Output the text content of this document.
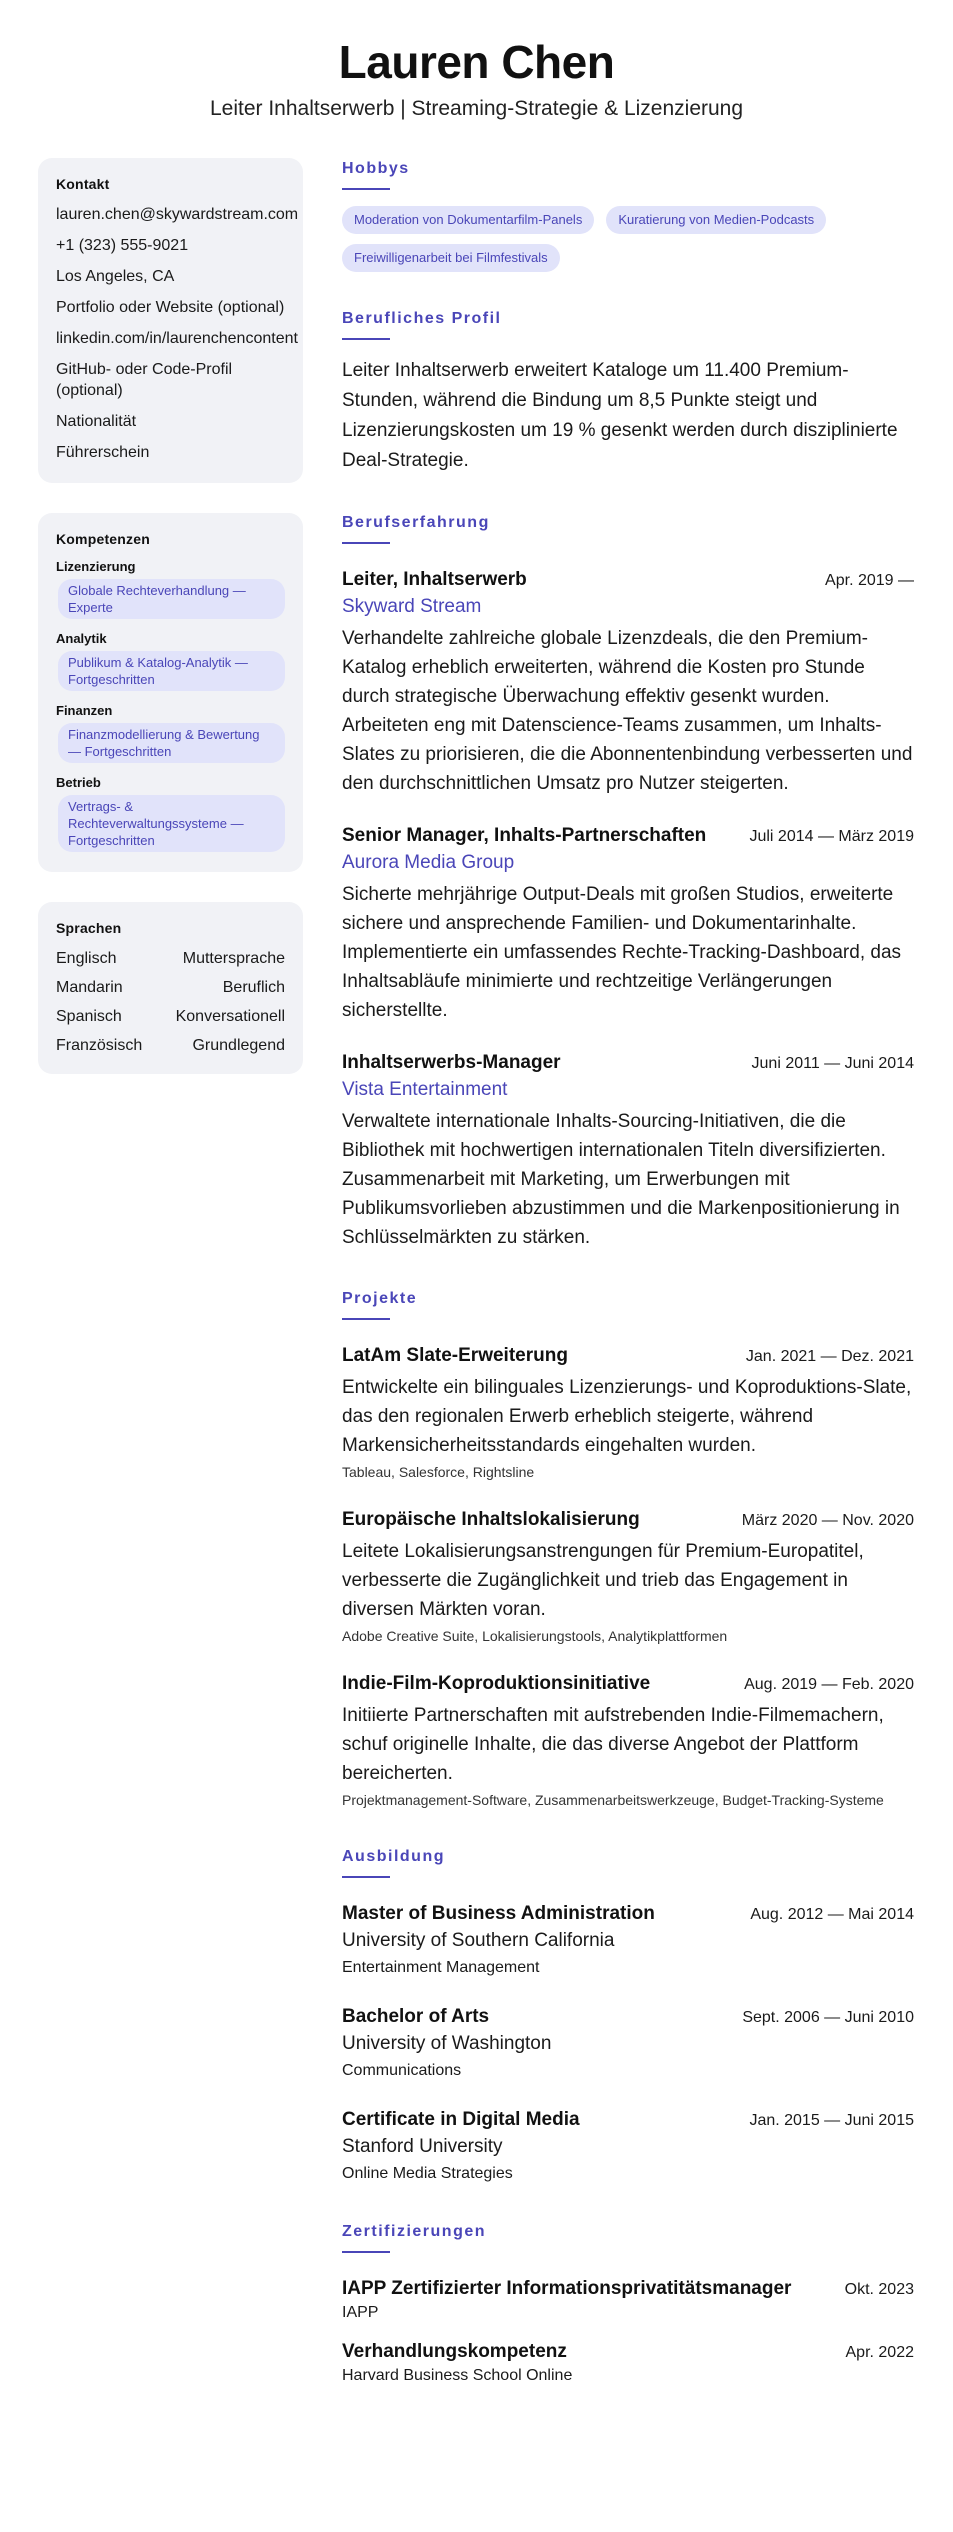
Lauren Chen
Leiter Inhaltserwerb | Streaming-Strategie & Lizenzierung
Kontakt
lauren.chen@skywardstream.com
+1 (323) 555-9021
Los Angeles, CA
Portfolio oder Website (optional)
linkedin.com/in/laurenchencontent
GitHub- oder Code-Profil (optional)
Nationalität
Führerschein
Kompetenzen
Lizenzierung
Globale Rechteverhandlung — Experte
Analytik
Publikum & Katalog-Analytik — Fortgeschritten
Finanzen
Finanzmodellierung & Bewertung — Fortgeschritten
Betrieb
Vertrags- & Rechteverwaltungssysteme — Fortgeschritten
Sprachen
Englisch	Muttersprache
Mandarin	Beruflich
Spanisch	Konversationell
Französisch	Grundlegend
Hobbys
Moderation von Dokumentarfilm-Panels	Kuratierung von Medien-Podcasts
Freiwilligenarbeit bei Filmfestivals
Berufliches Profil

Leiter Inhaltserwerb erweitert Kataloge um 11.400 Premium-Stunden, während die Bindung um 8,5 Punkte steigt und Lizenzierungskosten um 19 % gesenkt werden durch disziplinierte Deal-Strategie.

Berufserfahrung
Leiter, Inhaltserwerb	Apr. 2019 —
Skyward Stream

Verhandelte zahlreiche globale Lizenzdeals, die den Premium-Katalog erheblich erweiterten, während die Kosten pro Stunde durch strategische Überwachung effektiv gesenkt wurden. Arbeiteten eng mit Datenscience-Teams zusammen, um Inhalts-Slates zu priorisieren, die die Abonnentenbindung verbesserten und den durchschnittlichen Umsatz pro Nutzer steigerten.

Senior Manager, Inhalts-Partnerschaften	Juli 2014 — März 2019
Aurora Media Group

Sicherte mehrjährige Output-Deals mit großen Studios, erweiterte sichere und ansprechende Familien- und Dokumentarinhalte. Implementierte ein umfassendes Rechte-Tracking-Dashboard, das Inhaltsabläufe minimierte und rechtzeitige Verlängerungen sicherstellte.

Inhaltserwerbs-Manager	Juni 2011 — Juni 2014
Vista Entertainment

Verwaltete internationale Inhalts-Sourcing-Initiativen, die die Bibliothek mit hochwertigen internationalen Titeln diversifizierten. Zusammenarbeit mit Marketing, um Erwerbungen mit Publikumsvorlieben abzustimmen und die Markenpositionierung in Schlüsselmärkten zu stärken.

Projekte
LatAm Slate-Erweiterung	Jan. 2021 — Dez. 2021

Entwickelte ein bilinguales Lizenzierungs- und Koproduktions-Slate, das den regionalen Erwerb erheblich steigerte, während Markensicherheitsstandards eingehalten wurden.

Tableau, Salesforce, Rightsline
Europäische Inhaltslokalisierung	März 2020 — Nov. 2020

Leitete Lokalisierungsanstrengungen für Premium-Europatitel, verbesserte die Zugänglichkeit und trieb das Engagement in diversen Märkten voran.

Adobe Creative Suite, Lokalisierungstools, Analytikplattformen
Indie-Film-Koproduktionsinitiative	Aug. 2019 — Feb. 2020

Initiierte Partnerschaften mit aufstrebenden Indie-Filmemachern, schuf originelle Inhalte, die das diverse Angebot der Plattform bereicherten.

Projektmanagement-Software, Zusammenarbeitswerkzeuge, Budget-Tracking-Systeme
Ausbildung
Master of Business Administration	Aug. 2012 — Mai 2014
University of Southern California
Entertainment Management
Bachelor of Arts	Sept. 2006 — Juni 2010
University of Washington
Communications
Certificate in Digital Media	Jan. 2015 — Juni 2015
Stanford University
Online Media Strategies
Zertifizierungen
IAPP Zertifizierter Informationsprivatitätsmanager	Okt. 2023
IAPP
Verhandlungskompetenz	Apr. 2022
Harvard Business School Online
